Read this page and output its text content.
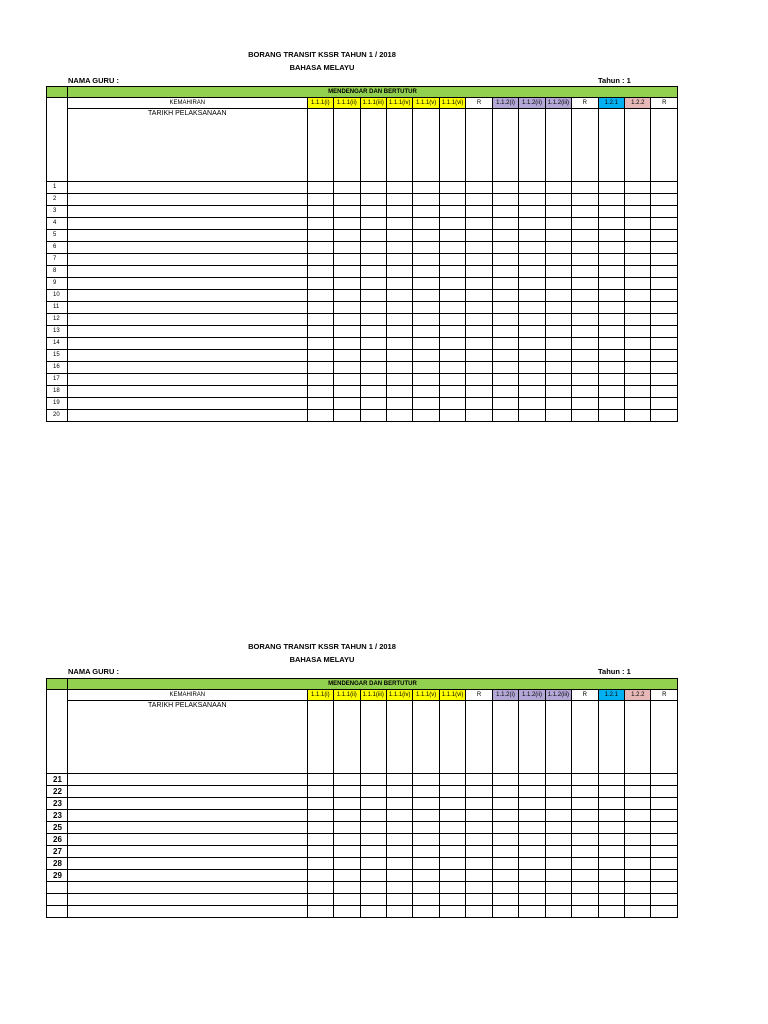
BORANG TRANSIT KSSR TAHUN 1 / 2018
BAHASA MELAYU
NAMA GURU :	Tahun : 1
	MENDENGAR DAN BERTUTUR														
	KEMAHIRAN	1.1.1(i)	1.1.1(ii)	1.1.1(iii)	1.1.1(iv)	1.1.1(v)	1.1.1(vi)	R	1.1.2(i)	1.1.2(ii)	1.1.2(iii)	R	1.2.1	1.2.2	R

	TARIKH PELAKSANAAN														

1															
2															
3															
4															
5															
6															
7															
8															
9															
10															
11															
12															
13															
14															
15															
16															
17															
18															
19															
20															
BORANG TRANSIT KSSR TAHUN 1 / 2018
BAHASA MELAYU
NAMA GURU :	Tahun : 1
	MENDENGAR DAN BERTUTUR														
	KEMAHIRAN	1.1.1(i)	1.1.1(ii)	1.1.1(iii)	1.1.1(iv)	1.1.1(v)	1.1.1(vi)	R	1.1.2(i)	1.1.2(ii)	1.1.2(iii)	R	1.2.1	1.2.2	R

	TARIKH PELAKSANAAN														

21															
22															
23															
23															
25															
26															
27															
28															
29															
